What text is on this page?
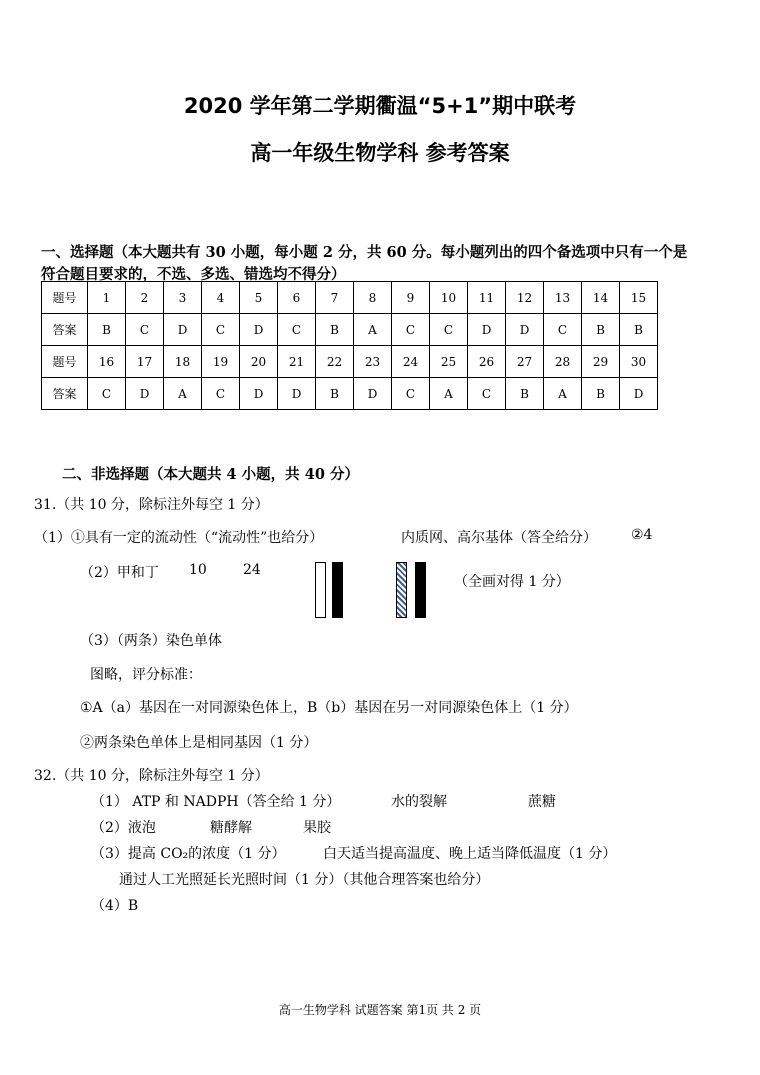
2020 学年第二学期衢温“5+1”期中联考
高一年级生物学科 参考答案
一、选择题（本大题共有 30 小题，每小题 2 分，共 60 分。每小题列出的四个备选项中只有一个是
符合题目要求的，不选、多选、错选均不得分）
题号	1	2	3	4	5	6	7	8	9	10	11	12	13	14	15
答案	B	C	D	C	D	C	B	A	C	C	D	D	C	B	B
题号	16	17	18	19	20	21	22	23	24	25	26	27	28	29	30
答案	C	D	A	C	D	D	B	D	C	A	C	B	A	B	D
二、非选择题（本大题共 4 小题，共 40 分）
31.（共 10 分，除标注外每空 1 分）
（1）①具有一定的流动性（“流动性”也给分）	内质网、高尔基体（答全给分） ②4
（2）甲和丁 10	24
（全画对得 1 分）
（3）（两条）染色单体
图略，评分标准：
①A（a）基因在一对同源染色体上，B（b）基因在另一对同源染色体上（1 分）
②两条染色单体上是相同基因（1 分）
32.（共 10 分，除标注外每空 1 分）
（1） ATP 和 NADPH（答全给 1 分）	水的裂解	蔗糖
（2）液泡	糖酵解	果胶
（3）提高 CO₂的浓度（1 分）	白天适当提高温度、晚上适当降低温度（1 分）
通过人工光照延长光照时间（1 分）（其他合理答案也给分）
（4）B
高一生物学科 试题答案 第1页 共 2 页
